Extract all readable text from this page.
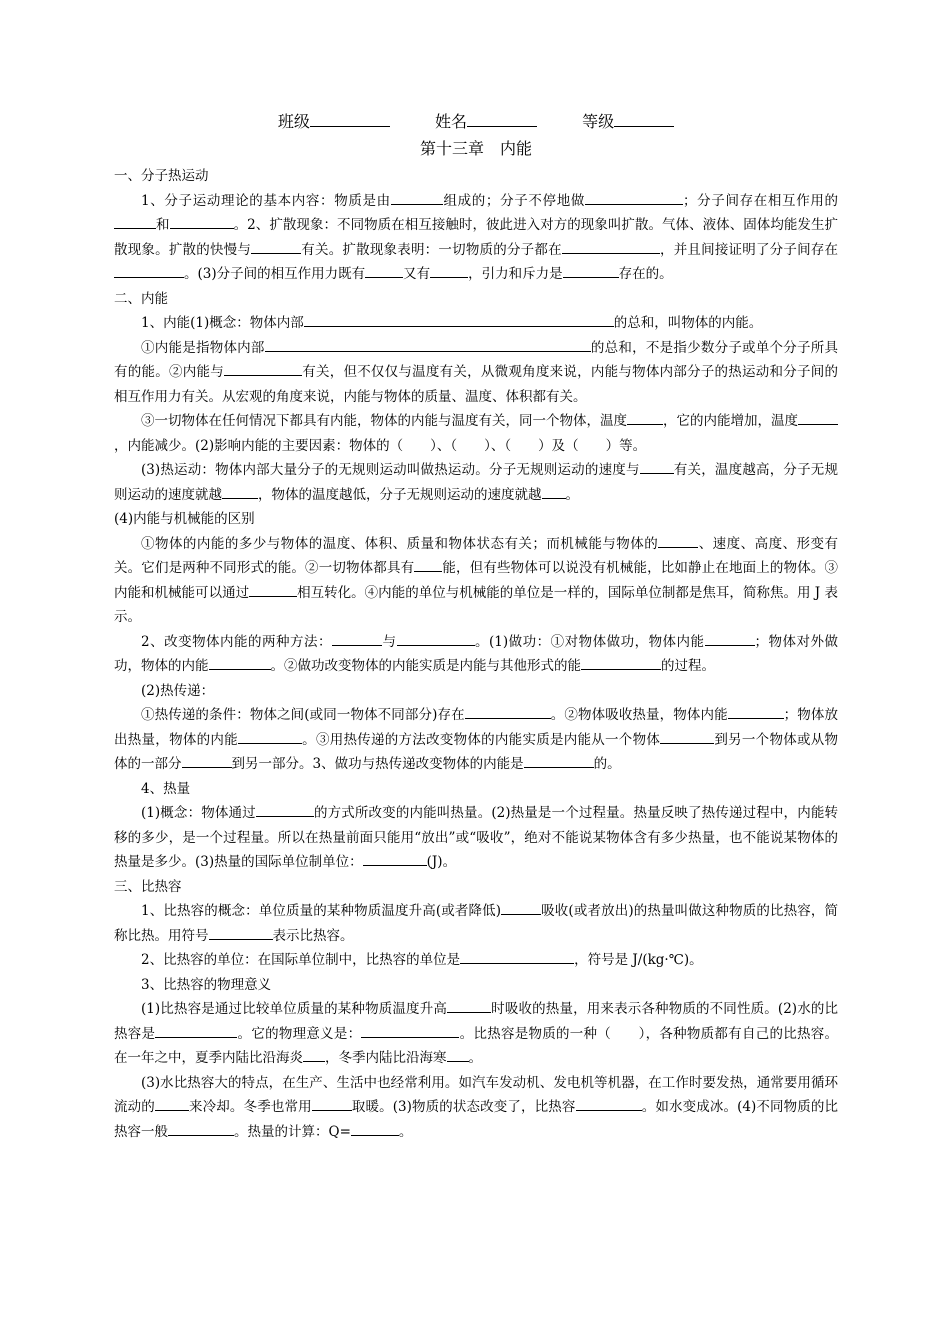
班级	姓名	等级
第十三章　内能
一、分子热运动

1、分子运动理论的基本内容：物质是由	组成的；分子不停地做	；分子间存在相互作用的和	。2、扩散现象：不同物质在相互接触时，彼此进入对方的现象叫扩散。气体、液体、固体均能发生扩散现象。扩散的快慢与	有关。扩散现象表明：一切物质的分子都在	，并且间接证明了分子间存在。(3)分子间的相互作用力既有	又有	，引力和斥力是	存在的。

二、内能

1、内能(1)概念：物体内部	的总和，叫物体的内能。

①内能是指物体内部	的总和，不是指少数分子或单个分子所具有的能。②内能与	有关，但不仅仅与温度有关，从微观角度来说，内能与物体内部分子的热运动和分子间的相互作用力有关。从宏观的角度来说，内能与物体的质量、温度、体积都有关。

③一切物体在任何情况下都具有内能，物体的内能与温度有关，同一个物体，温度	，它的内能增加，温度，内能减少。(2)影响内能的主要因素：物体的（　　）、（　　）、（　　）及（　　）等。

(3)热运动：物体内部大量分子的无规则运动叫做热运动。分子无规则运动的速度与	有关，温度越高，分子无规则运动的速度就越	，物体的温度越低，分子无规则运动的速度就越 。

(4)内能与机械能的区别

①物体的内能的多少与物体的温度、体积、质量和物体状态有关；而机械能与物体的	、速度、高度、形变有关。它们是两种不同形式的能。②一切物体都具有 能，但有些物体可以说没有机械能，比如静止在地面上的物体。③内能和机械能可以通过	相互转化。④内能的单位与机械能的单位是一样的，国际单位制都是焦耳，简称焦。用 J 表示。

2、改变物体内能的两种方法：	与	。(1)做功：①对物体做功，物体内能	；物体对外做功，物体的内能	。②做功改变物体的内能实质是内能与其他形式的能	的过程。

(2)热传递：

①热传递的条件：物体之间(或同一物体不同部分)存在	。②物体吸收热量，物体内能	；物体放出热量，物体的内能	。③用热传递的方法改变物体的内能实质是内能从一个物体	到另一个物体或从物体的一部分	到另一部分。3、做功与热传递改变物体的内能是	的。

4、热量

(1)概念：物体通过	的方式所改变的内能叫热量。(2)热量是一个过程量。热量反映了热传递过程中，内能转移的多少，是一个过程量。所以在热量前面只能用“放出”或“吸收”，绝对不能说某物体含有多少热量，也不能说某物体的热量是多少。(3)热量的国际单位制单位：	(J)。

三、比热容

1、比热容的概念：单位质量的某种物质温度升高(或者降低)	吸收(或者放出)的热量叫做这种物质的比热容，简称比热。用符号	表示比热容。

2、比热容的单位：在国际单位制中，比热容的单位是	，符号是 J/(kg·℃)。

3、比热容的物理意义

(1)比热容是通过比较单位质量的某种物质温度升高	时吸收的热量，用来表示各种物质的不同性质。(2)水的比热容是	。它的物理意义是：	。比热容是物质的一种（　　），各种物质都有自己的比热容。在一年之中，夏季内陆比沿海炎 ，冬季内陆比沿海寒 。

(3)水比热容大的特点，在生产、生活中也经常利用。如汽车发动机、发电机等机器，在工作时要发热，通常要用循环流动的	来冷却。冬季也常用	取暖。(3)物质的状态改变了，比热容	。如水变成冰。(4)不同物质的比热容一般	。热量的计算：Q=	。
